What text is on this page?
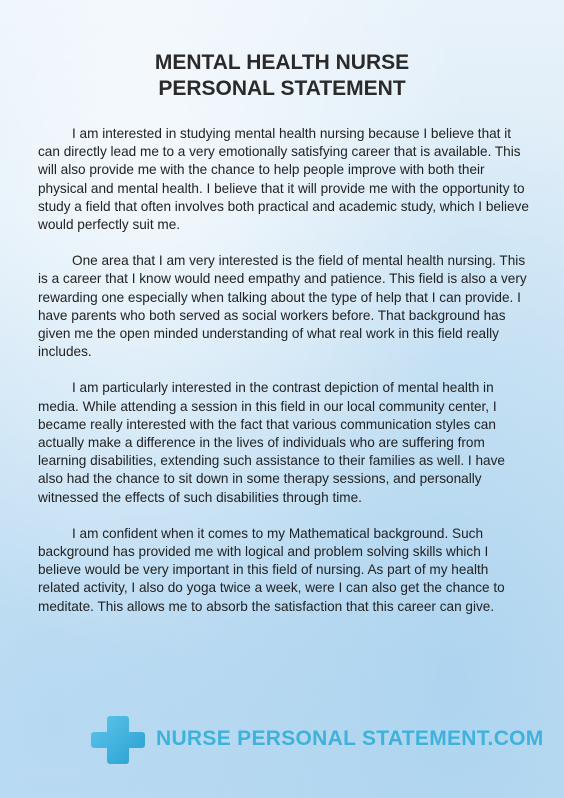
MENTAL HEALTH NURSE
PERSONAL STATEMENT

I am interested in studying mental health nursing because I believe that it can directly lead me to a very emotionally satisfying career that is available. This will also provide me with the chance to help people improve with both their physical and mental health. I believe that it will provide me with the opportunity to study a field that often involves both practical and academic study, which I believe would perfectly suit me.

One area that I am very interested is the field of mental health nursing. This is a career that I know would need empathy and patience. This field is also a very rewarding one especially when talking about the type of help that I can provide. I have parents who both served as social workers before. That background has given me the open minded understanding of what real work in this field really includes.

I am particularly interested in the contrast depiction of mental health in media. While attending a session in this field in our local community center, I became really interested with the fact that various communication styles can actually make a difference in the lives of individuals who are suffering from learning disabilities, extending such assistance to their families as well. I have also had the chance to sit down in some therapy sessions, and personally witnessed the effects of such disabilities through time.

I am confident when it comes to my Mathematical background. Such background has provided me with logical and problem solving skills which I believe would be very important in this field of nursing. As part of my health related activity, I also do yoga twice a week, were I can also get the chance to meditate. This allows me to absorb the satisfaction that this career can give.

NURSE PERSONAL STATEMENT.COM
